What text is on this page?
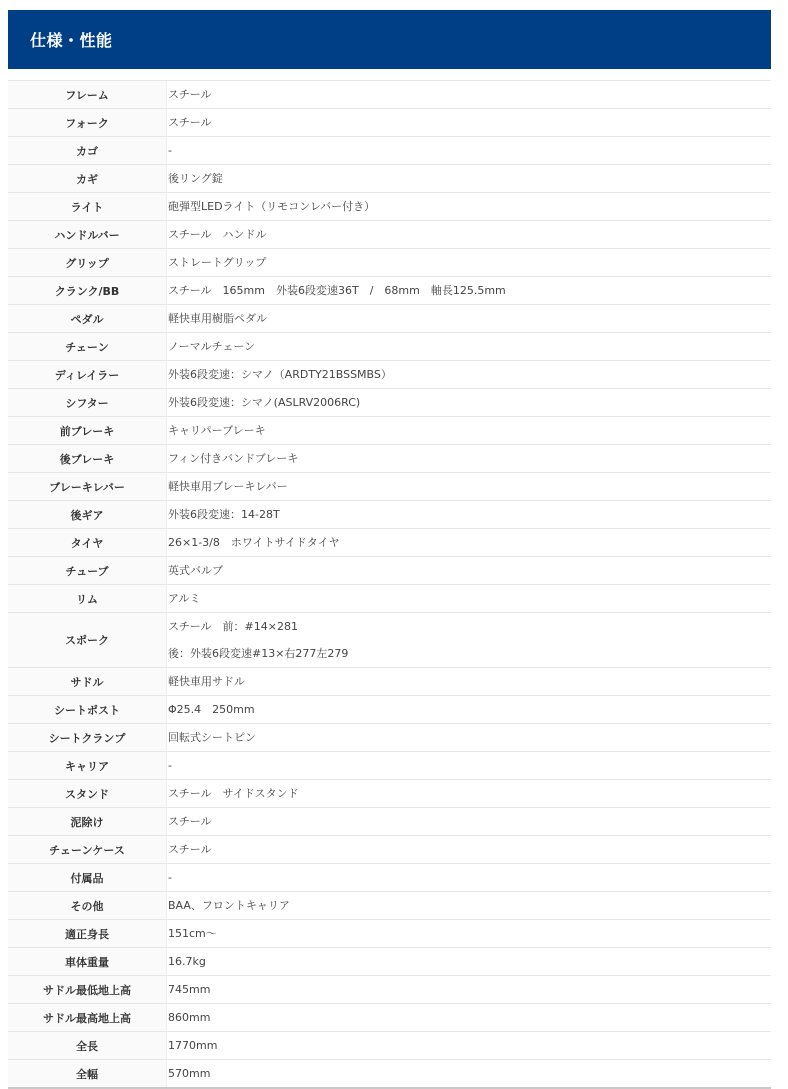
仕様・性能
フレーム	スチール

フォーク	スチール

カゴ	-

カギ	後リング錠

ライト	砲弾型LEDライト（リモコンレバー付き）

ハンドルバー	スチール　ハンドル

グリップ	ストレートグリップ

クランク/BB	スチール　165mm　外装6段変速36T　/　68mm　軸長125.5mm

ペダル	軽快車用樹脂ペダル

チェーン	ノーマルチェーン

ディレイラー	外装6段変速：シマノ（ARDTY21BSSMBS）

シフター	外装6段変速：シマノ(ASLRV2006RC)

前ブレーキ	キャリパーブレーキ

後ブレーキ	フィン付きバンドブレーキ

ブレーキレバー	軽快車用ブレーキレバー

後ギア	外装6段変速：14-28T

タイヤ	26×1-3/8　ホワイトサイドタイヤ

チューブ	英式バルブ

リム	アルミ

スポーク	スチール　前：#14×281
後：外装6段変速#13×右277左279

サドル	軽快車用サドル

シートポスト	Φ25.4　250mm

シートクランプ	回転式シートピン

キャリア	-

スタンド	スチール　サイドスタンド

泥除け	スチール

チェーンケース	スチール

付属品	-

その他	BAA、フロントキャリア

適正身長	151cm～

車体重量	16.7kg

サドル最低地上高	745mm

サドル最高地上高	860mm

全長	1770mm

全幅	570mm
